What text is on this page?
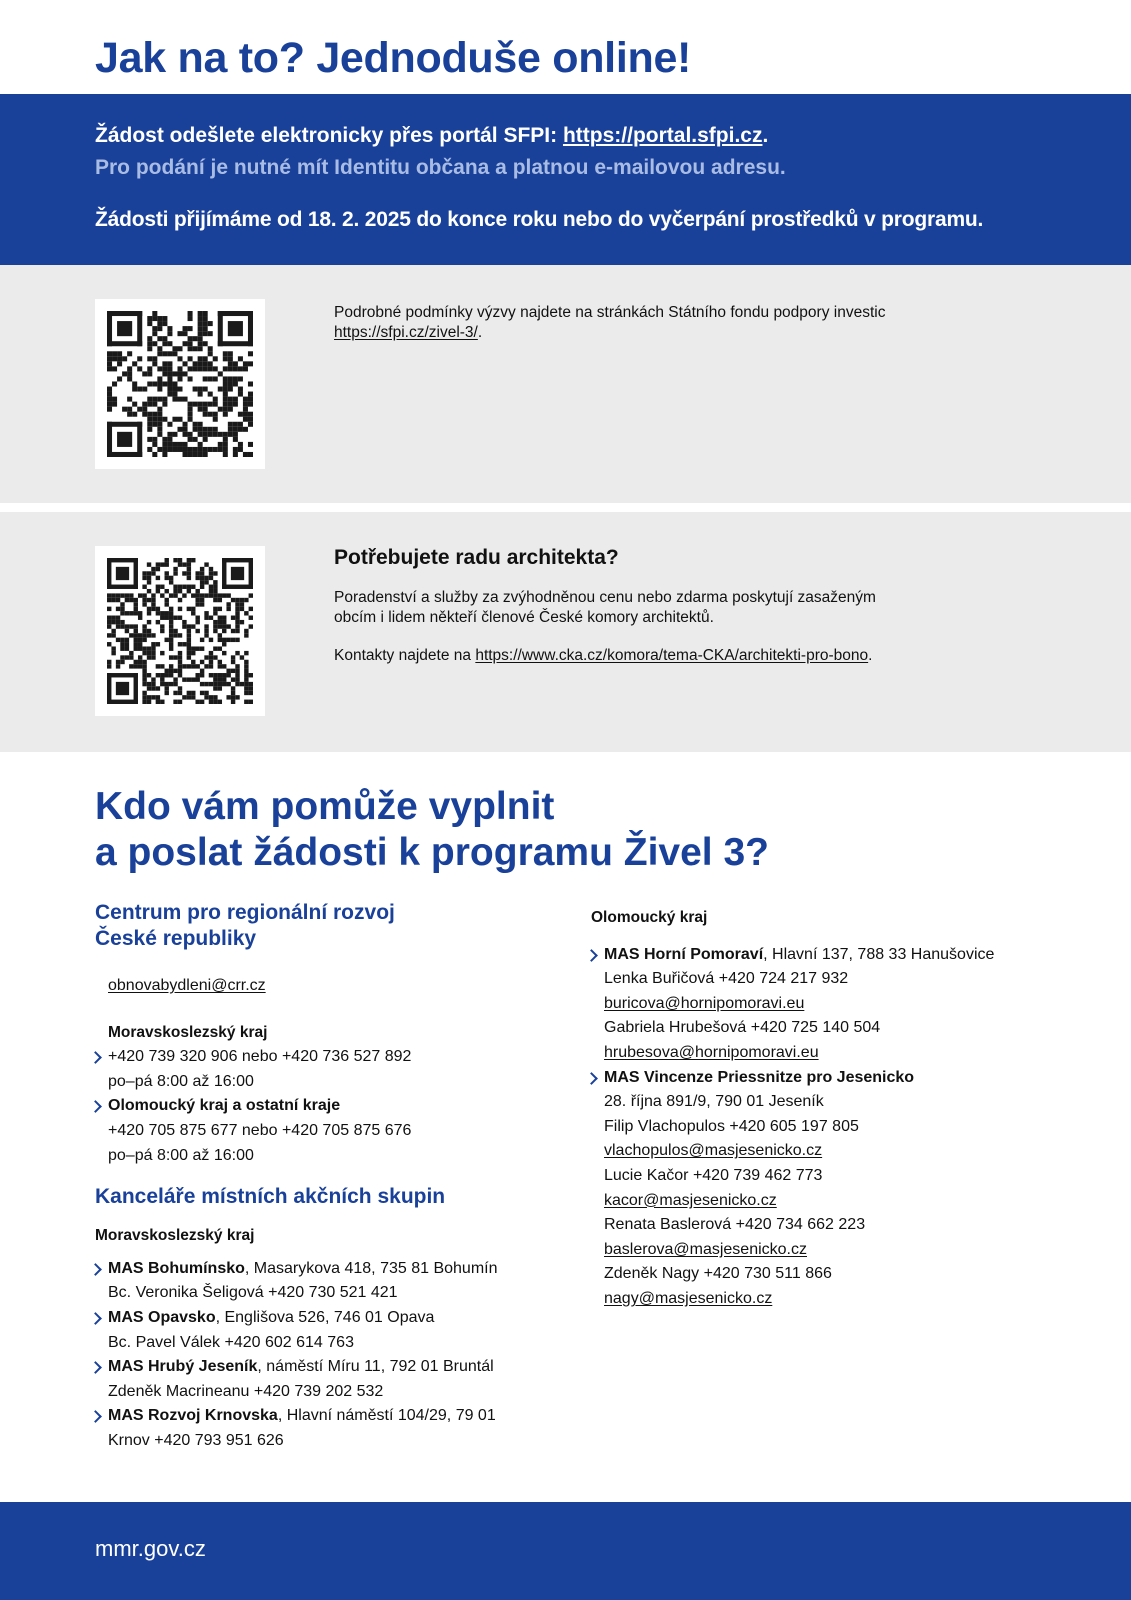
Jak na to? Jednoduše online!
Žádost odešlete elektronicky přes portál SFPI: https://portal.sfpi.cz.
Pro podání je nutné mít Identitu občana a platnou e-mailovou adresu.
Žádosti přijímáme od 18. 2. 2025 do konce roku nebo do vyčerpání prostředků v programu.
Podrobné podmínky výzvy najdete na stránkách Státního fondu podpory investic
https://sfpi.cz/zivel-3/.
Potřebujete radu architekta?
Poradenství a služby za zvýhodněnou cenu nebo zdarma poskytují zasaženým
obcím i lidem někteří členové České komory architektů.
Kontakty najdete na https://www.cka.cz/komora/tema-CKA/architekti-pro-bono.
Kdo vám pomůže vyplnit
a poslat žádosti k programu Živel 3?
Centrum pro regionální rozvoj
České republiky
obnovabydleni@crr.cz
Moravskoslezský kraj
+420 739 320 906 nebo +420 736 527 892
po–pá 8:00 až 16:00
Olomoucký kraj a ostatní kraje
+420 705 875 677 nebo +420 705 875 676
po–pá 8:00 až 16:00
Kanceláře místních akčních skupin
Moravskoslezský kraj
MAS Bohumínsko, Masarykova 418, 735 81 Bohumín
Bc. Veronika Šeligová +420 730 521 421
MAS Opavsko, Englišova 526, 746 01 Opava
Bc. Pavel Válek +420 602 614 763
MAS Hrubý Jeseník, náměstí Míru 11, 792 01 Bruntál
Zdeněk Macrineanu +420 739 202 532
MAS Rozvoj Krnovska, Hlavní náměstí 104/29, 79 01
Krnov +420 793 951 626
Olomoucký kraj
MAS Horní Pomoraví, Hlavní 137, 788 33 Hanušovice
Lenka Buřičová +420 724 217 932
buricova@hornipomoravi.eu
Gabriela Hrubešová +420 725 140 504
hrubesova@hornipomoravi.eu
MAS Vincenze Priessnitze pro Jesenicko
28. října 891/9, 790 01 Jeseník
Filip Vlachopulos +420 605 197 805
vlachopulos@masjesenicko.cz
Lucie Kačor +420 739 462 773
kacor@masjesenicko.cz
Renata Baslerová +420 734 662 223
baslerova@masjesenicko.cz
Zdeněk Nagy +420 730 511 866
nagy@masjesenicko.cz
mmr.gov.cz
